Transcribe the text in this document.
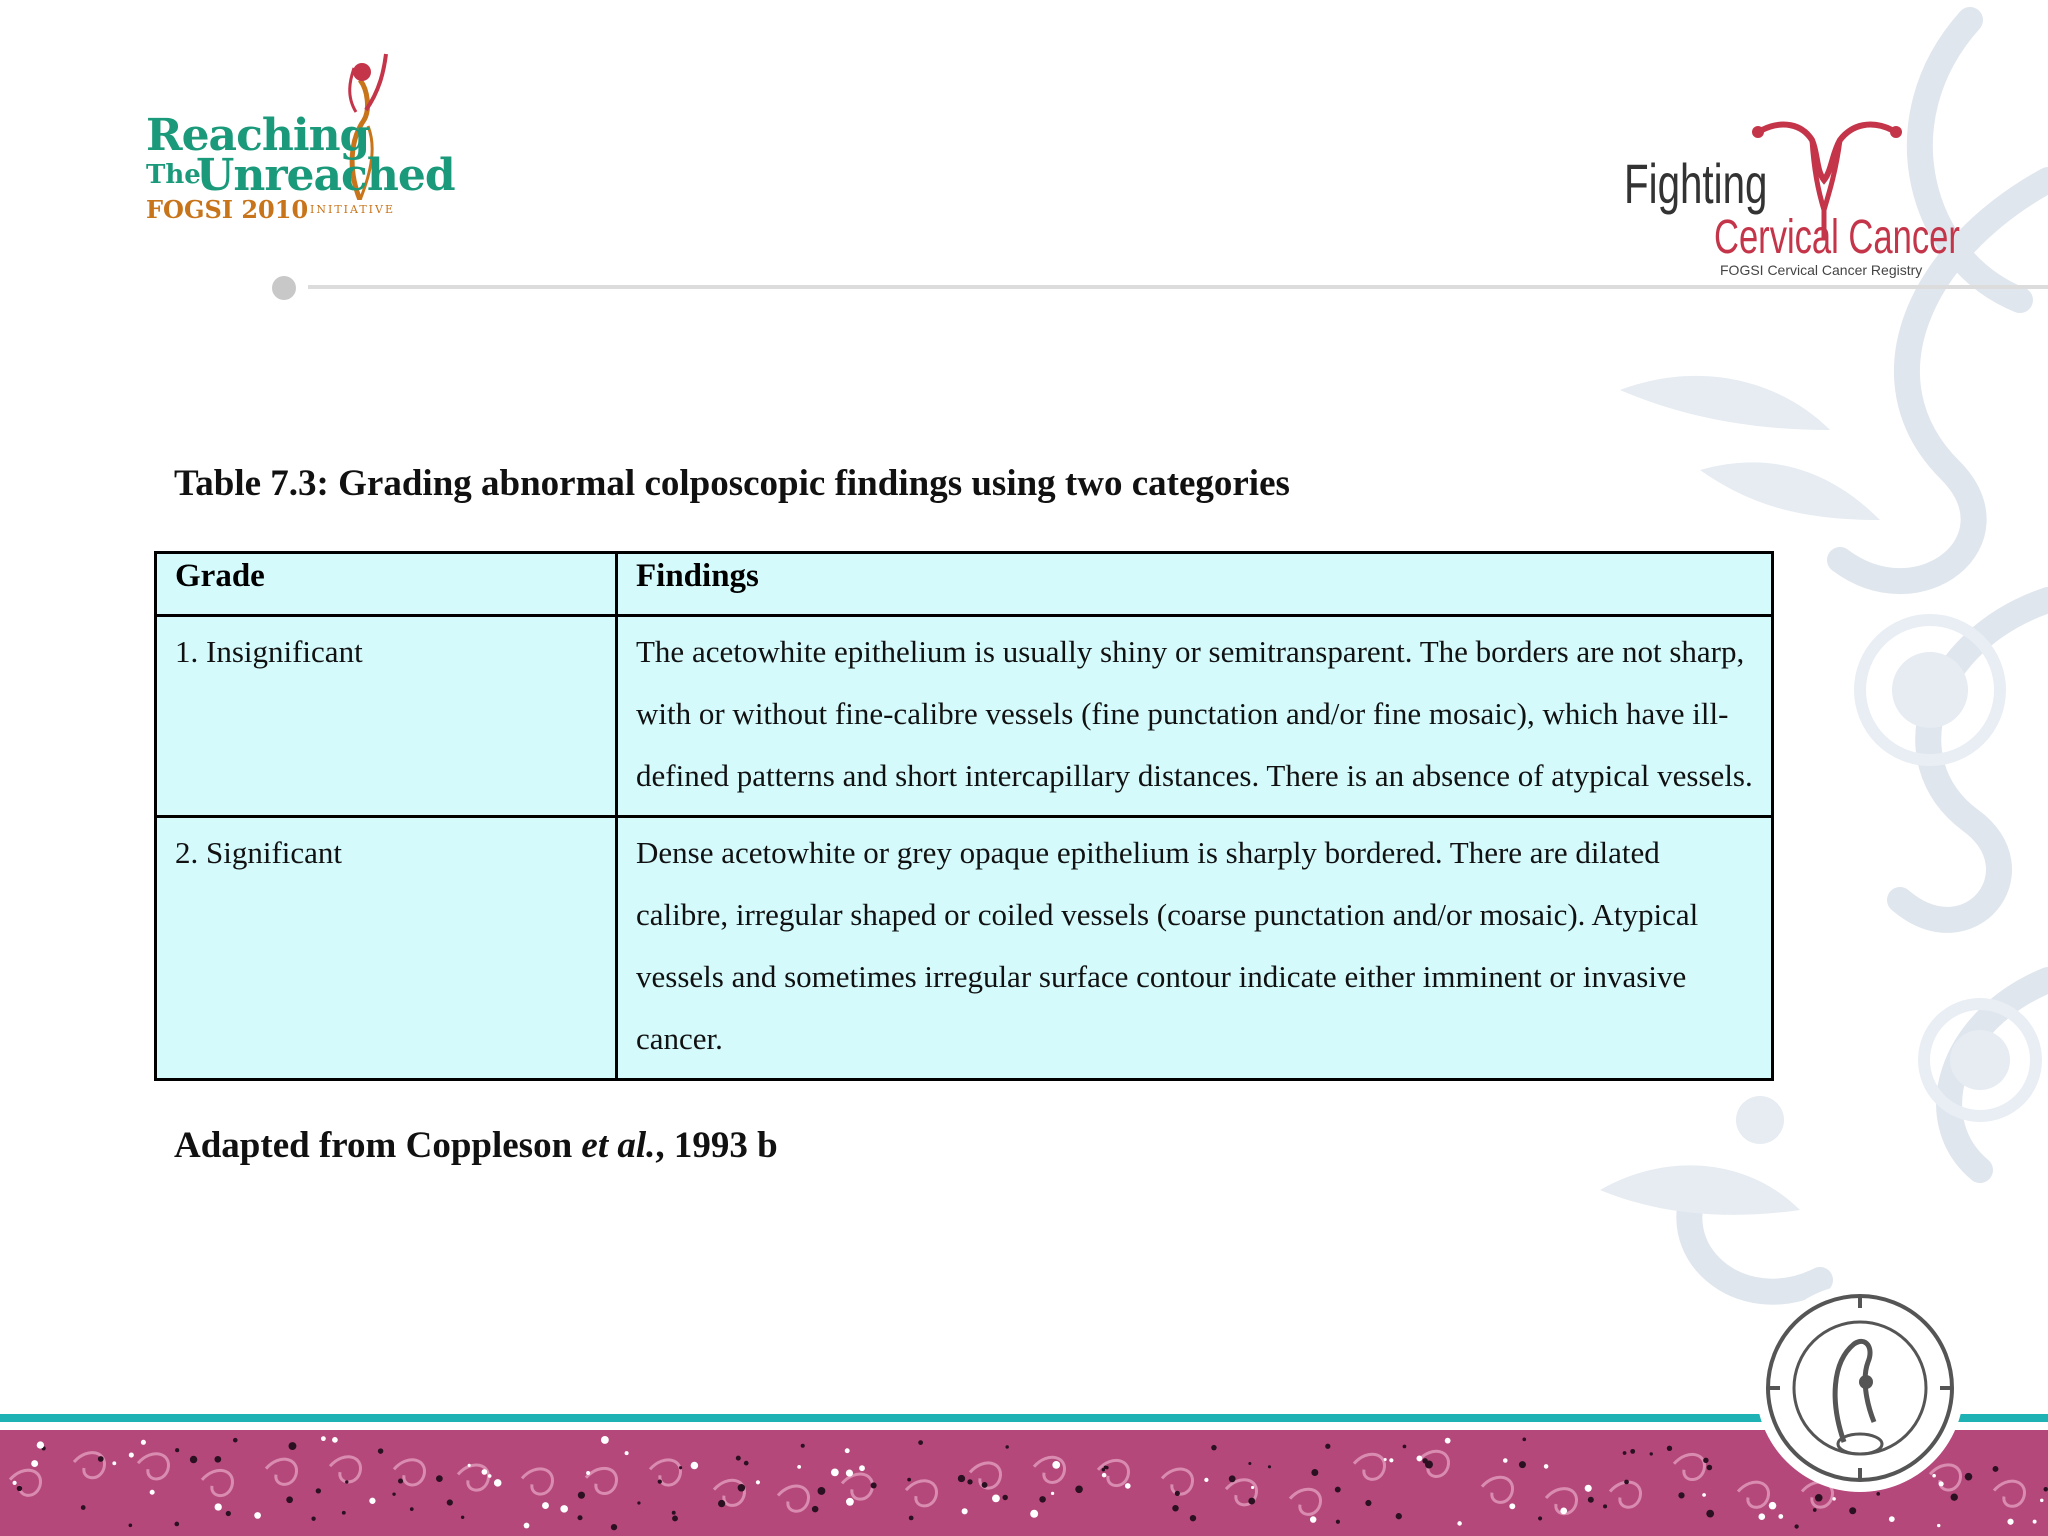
Reaching
The
Unreached
FOGSI 2010 INITIATIVE	Fighting
Cervical Cancer
FOGSI Cervical Cancer Registry
Table 7.3: Grading abnormal colposcopic findings using two categories
Grade	Findings
1. Insignificant	The acetowhite epithelium is usually shiny or semitransparent. The borders are not sharp, with or without fine-calibre vessels (fine punctation and/or fine mosaic), which have ill-defined patterns and short intercapillary distances. There is an absence of atypical vessels.
2. Significant	Dense acetowhite or grey opaque epithelium is sharply bordered. There are dilated calibre, irregular shaped or coiled vessels (coarse punctation and/or mosaic). Atypical vessels and sometimes irregular surface contour indicate either imminent or invasive cancer.
Adapted from Coppleson et al., 1993 b
